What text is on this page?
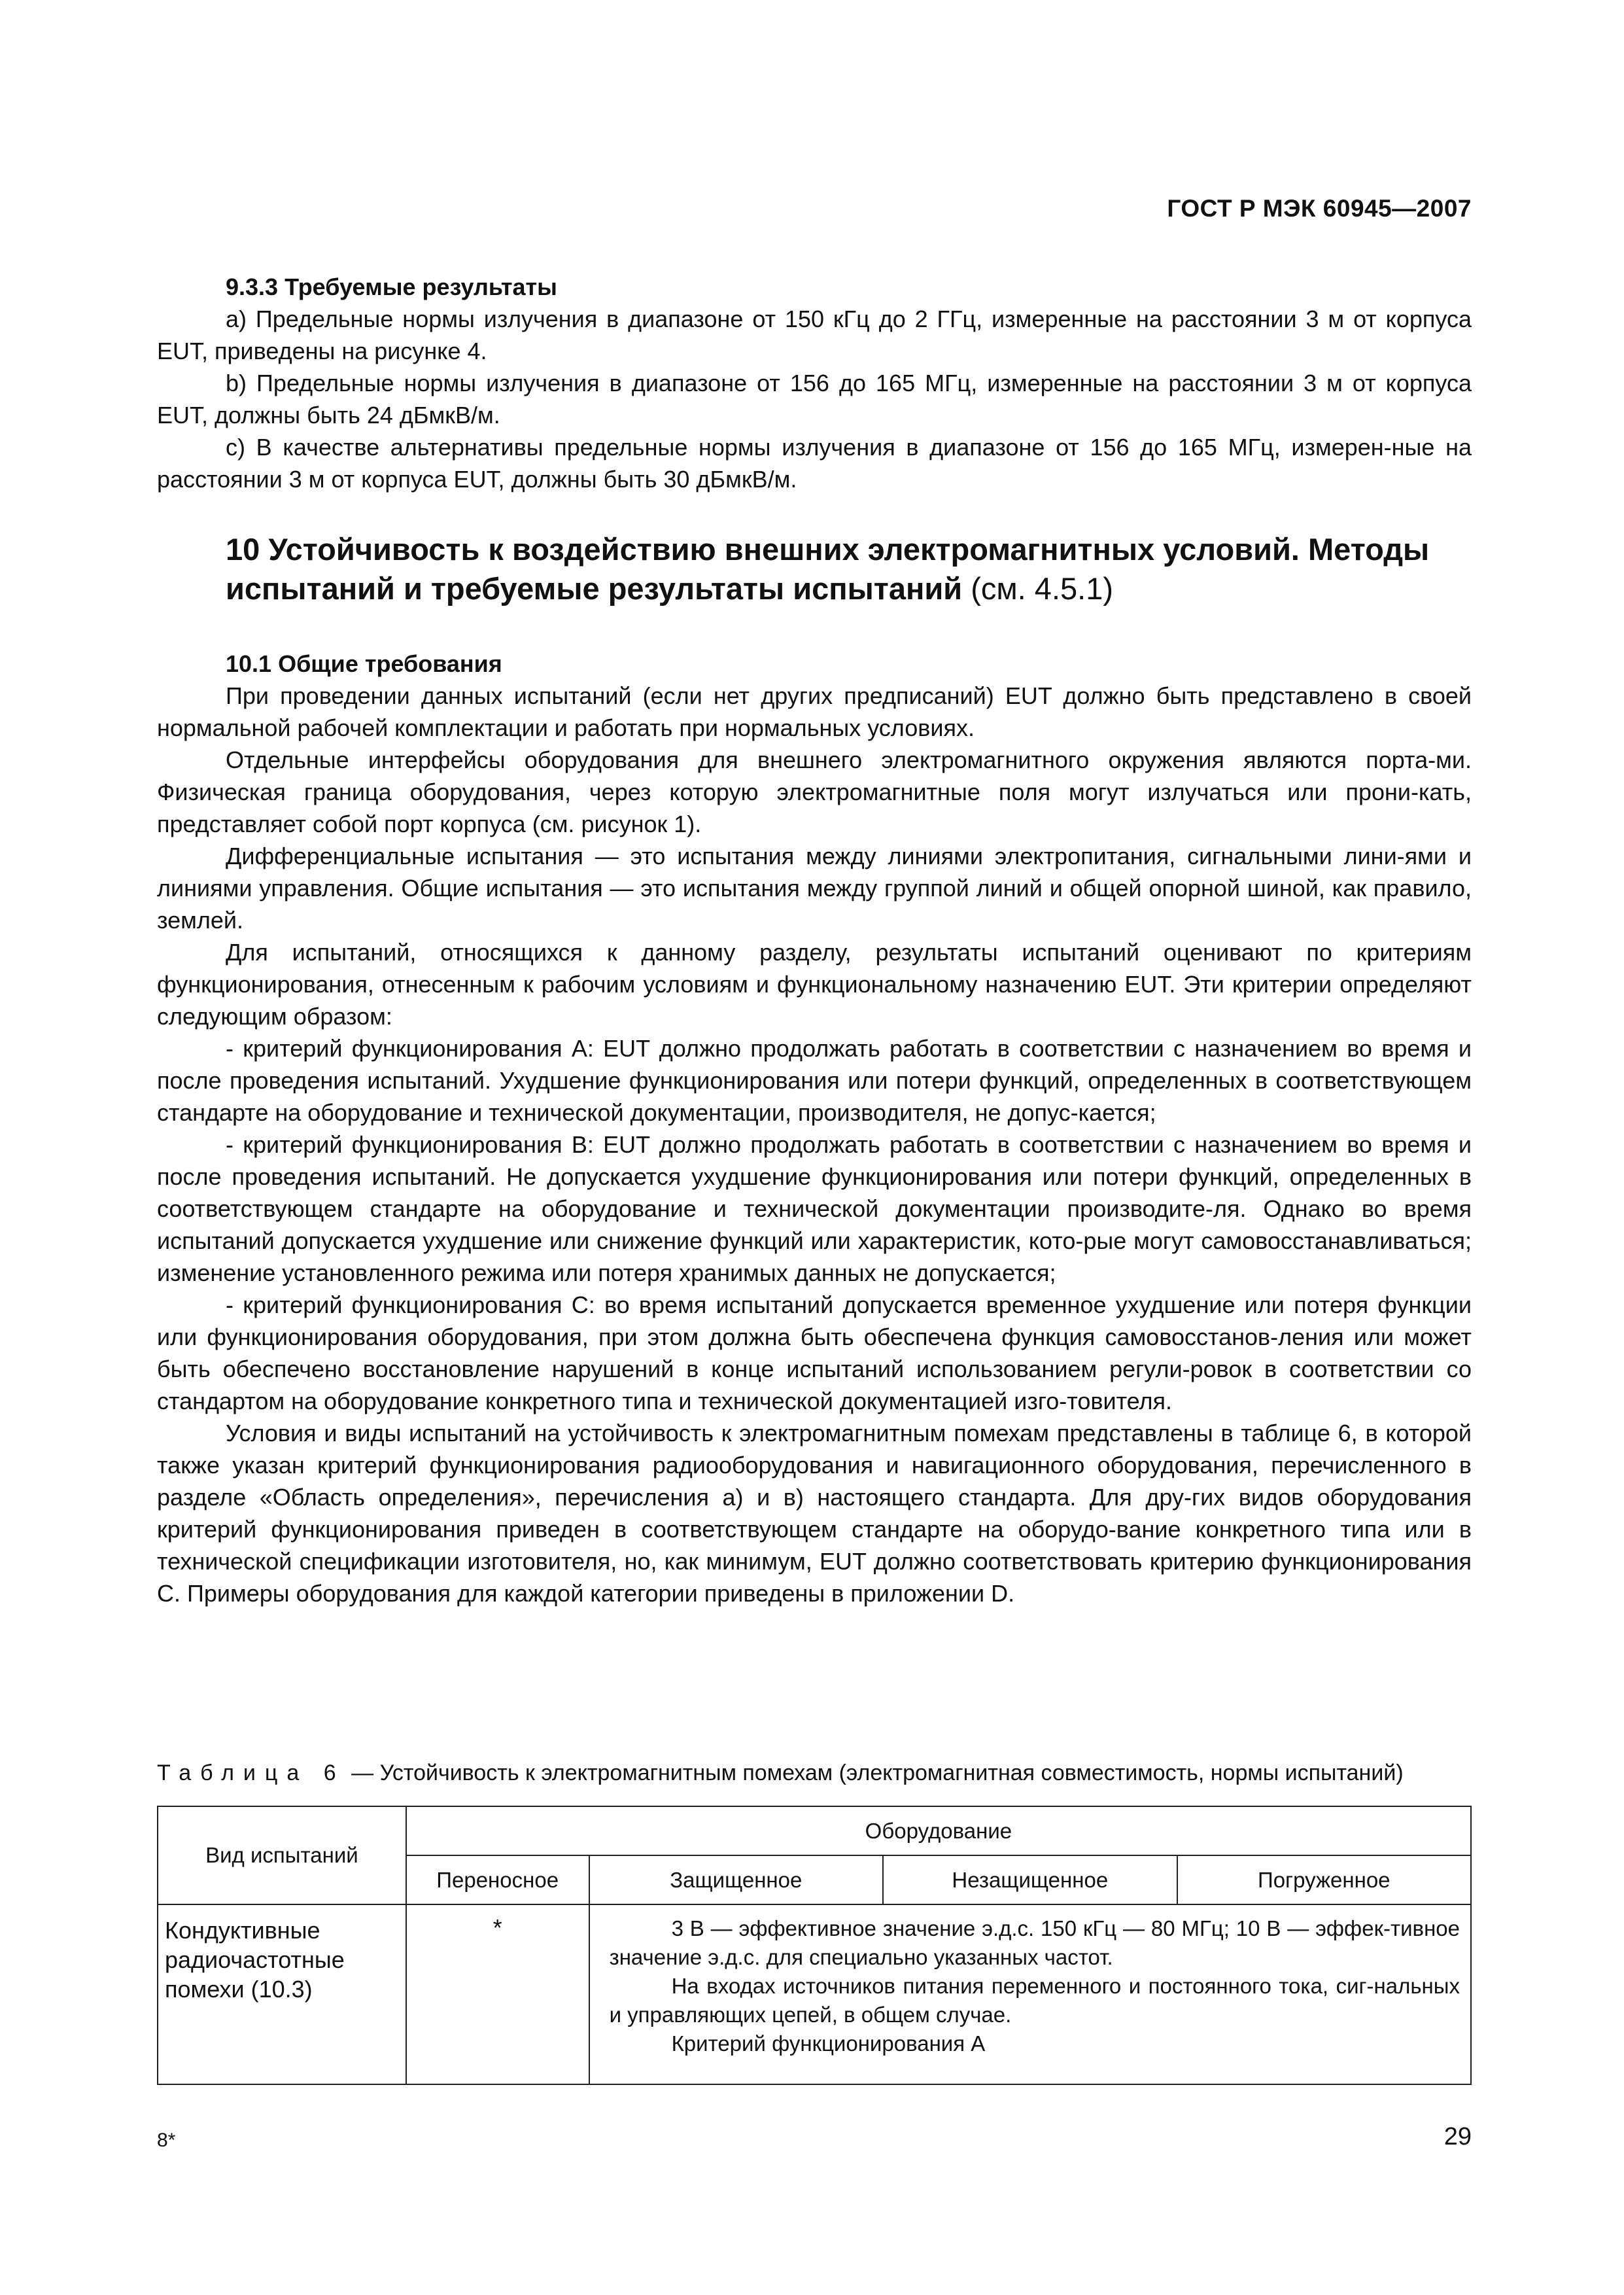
ГОСТ Р МЭК 60945—2007

9.3.3 Требуемые результаты

а) Предельные нормы излучения в диапазоне от 150 кГц до 2 ГГц, измеренные на расстоянии 3 м от корпуса EUT, приведены на рисунке 4.

b) Предельные нормы излучения в диапазоне от 156 до 165 МГц, измеренные на расстоянии 3 м от корпуса EUT, должны быть 24 дБмкВ/м.

с) В качестве альтернативы предельные нормы излучения в диапазоне от 156 до 165 МГц, измерен-ные на расстоянии 3 м от корпуса EUT, должны быть 30 дБмкВ/м.

10 Устойчивость к воздействию внешних электромагнитных условий. Методы испытаний и требуемые результаты испытаний (см. 4.5.1)

10.1 Общие требования

При проведении данных испытаний (если нет других предписаний) EUT должно быть представлено в своей нормальной рабочей комплектации и работать при нормальных условиях.

Отдельные интерфейсы оборудования для внешнего электромагнитного окружения являются порта-ми. Физическая граница оборудования, через которую электромагнитные поля могут излучаться или прони-кать, представляет собой порт корпуса (см. рисунок 1).

Дифференциальные испытания — это испытания между линиями электропитания, сигнальными лини-ями и линиями управления. Общие испытания — это испытания между группой линий и общей опорной шиной, как правило, землей.

Для испытаний, относящихся к данному разделу, результаты испытаний оценивают по критериям функционирования, отнесенным к рабочим условиям и функциональному назначению EUT. Эти критерии определяют следующим образом:

- критерий функционирования А: EUT должно продолжать работать в соответствии с назначением во время и после проведения испытаний. Ухудшение функционирования или потери функций, определенных в соответствующем стандарте на оборудование и технической документации, производителя, не допус-кается;

- критерий функционирования В: EUT должно продолжать работать в соответствии с назначением во время и после проведения испытаний. Не допускается ухудшение функционирования или потери функций, определенных в соответствующем стандарте на оборудование и технической документации производите-ля. Однако во время испытаний допускается ухудшение или снижение функций или характеристик, кото-рые могут самовосстанавливаться; изменение установленного режима или потеря хранимых данных не допускается;

- критерий функционирования С: во время испытаний допускается временное ухудшение или потеря функции или функционирования оборудования, при этом должна быть обеспечена функция самовосстанов-ления или может быть обеспечено восстановление нарушений в конце испытаний использованием регули-ровок в соответствии со стандартом на оборудование конкретного типа и технической документацией изго-товителя.

Условия и виды испытаний на устойчивость к электромагнитным помехам представлены в таблице 6, в которой также указан критерий функционирования радиооборудования и навигационного оборудования, перечисленного в разделе «Область определения», перечисления а) и в) настоящего стандарта. Для дру-гих видов оборудования критерий функционирования приведен в соответствующем стандарте на оборудо-вание конкретного типа или в технической спецификации изготовителя, но, как минимум, EUT должно соответствовать критерию функционирования С. Примеры оборудования для каждой категории приведены в приложении D.

Таблица 6 — Устойчивость к электромагнитным помехам (электромагнитная совместимость, нормы испытаний)

Вид испытаний	Оборудование			
	Переносное	Защищенное	Незащищенное	Погруженное
Кондуктивные радиочастотные помехи (10.3)	*	3 В — эффективное значение э.д.с. 150 кГц — 80 МГц; 10 В — эффек-тивное значение э.д.с. для специально указанных частот.
На входах источников питания переменного и постоянного тока, сиг-нальных и управляющих цепей, в общем случае.
Критерий функционирования А		
8*	29
